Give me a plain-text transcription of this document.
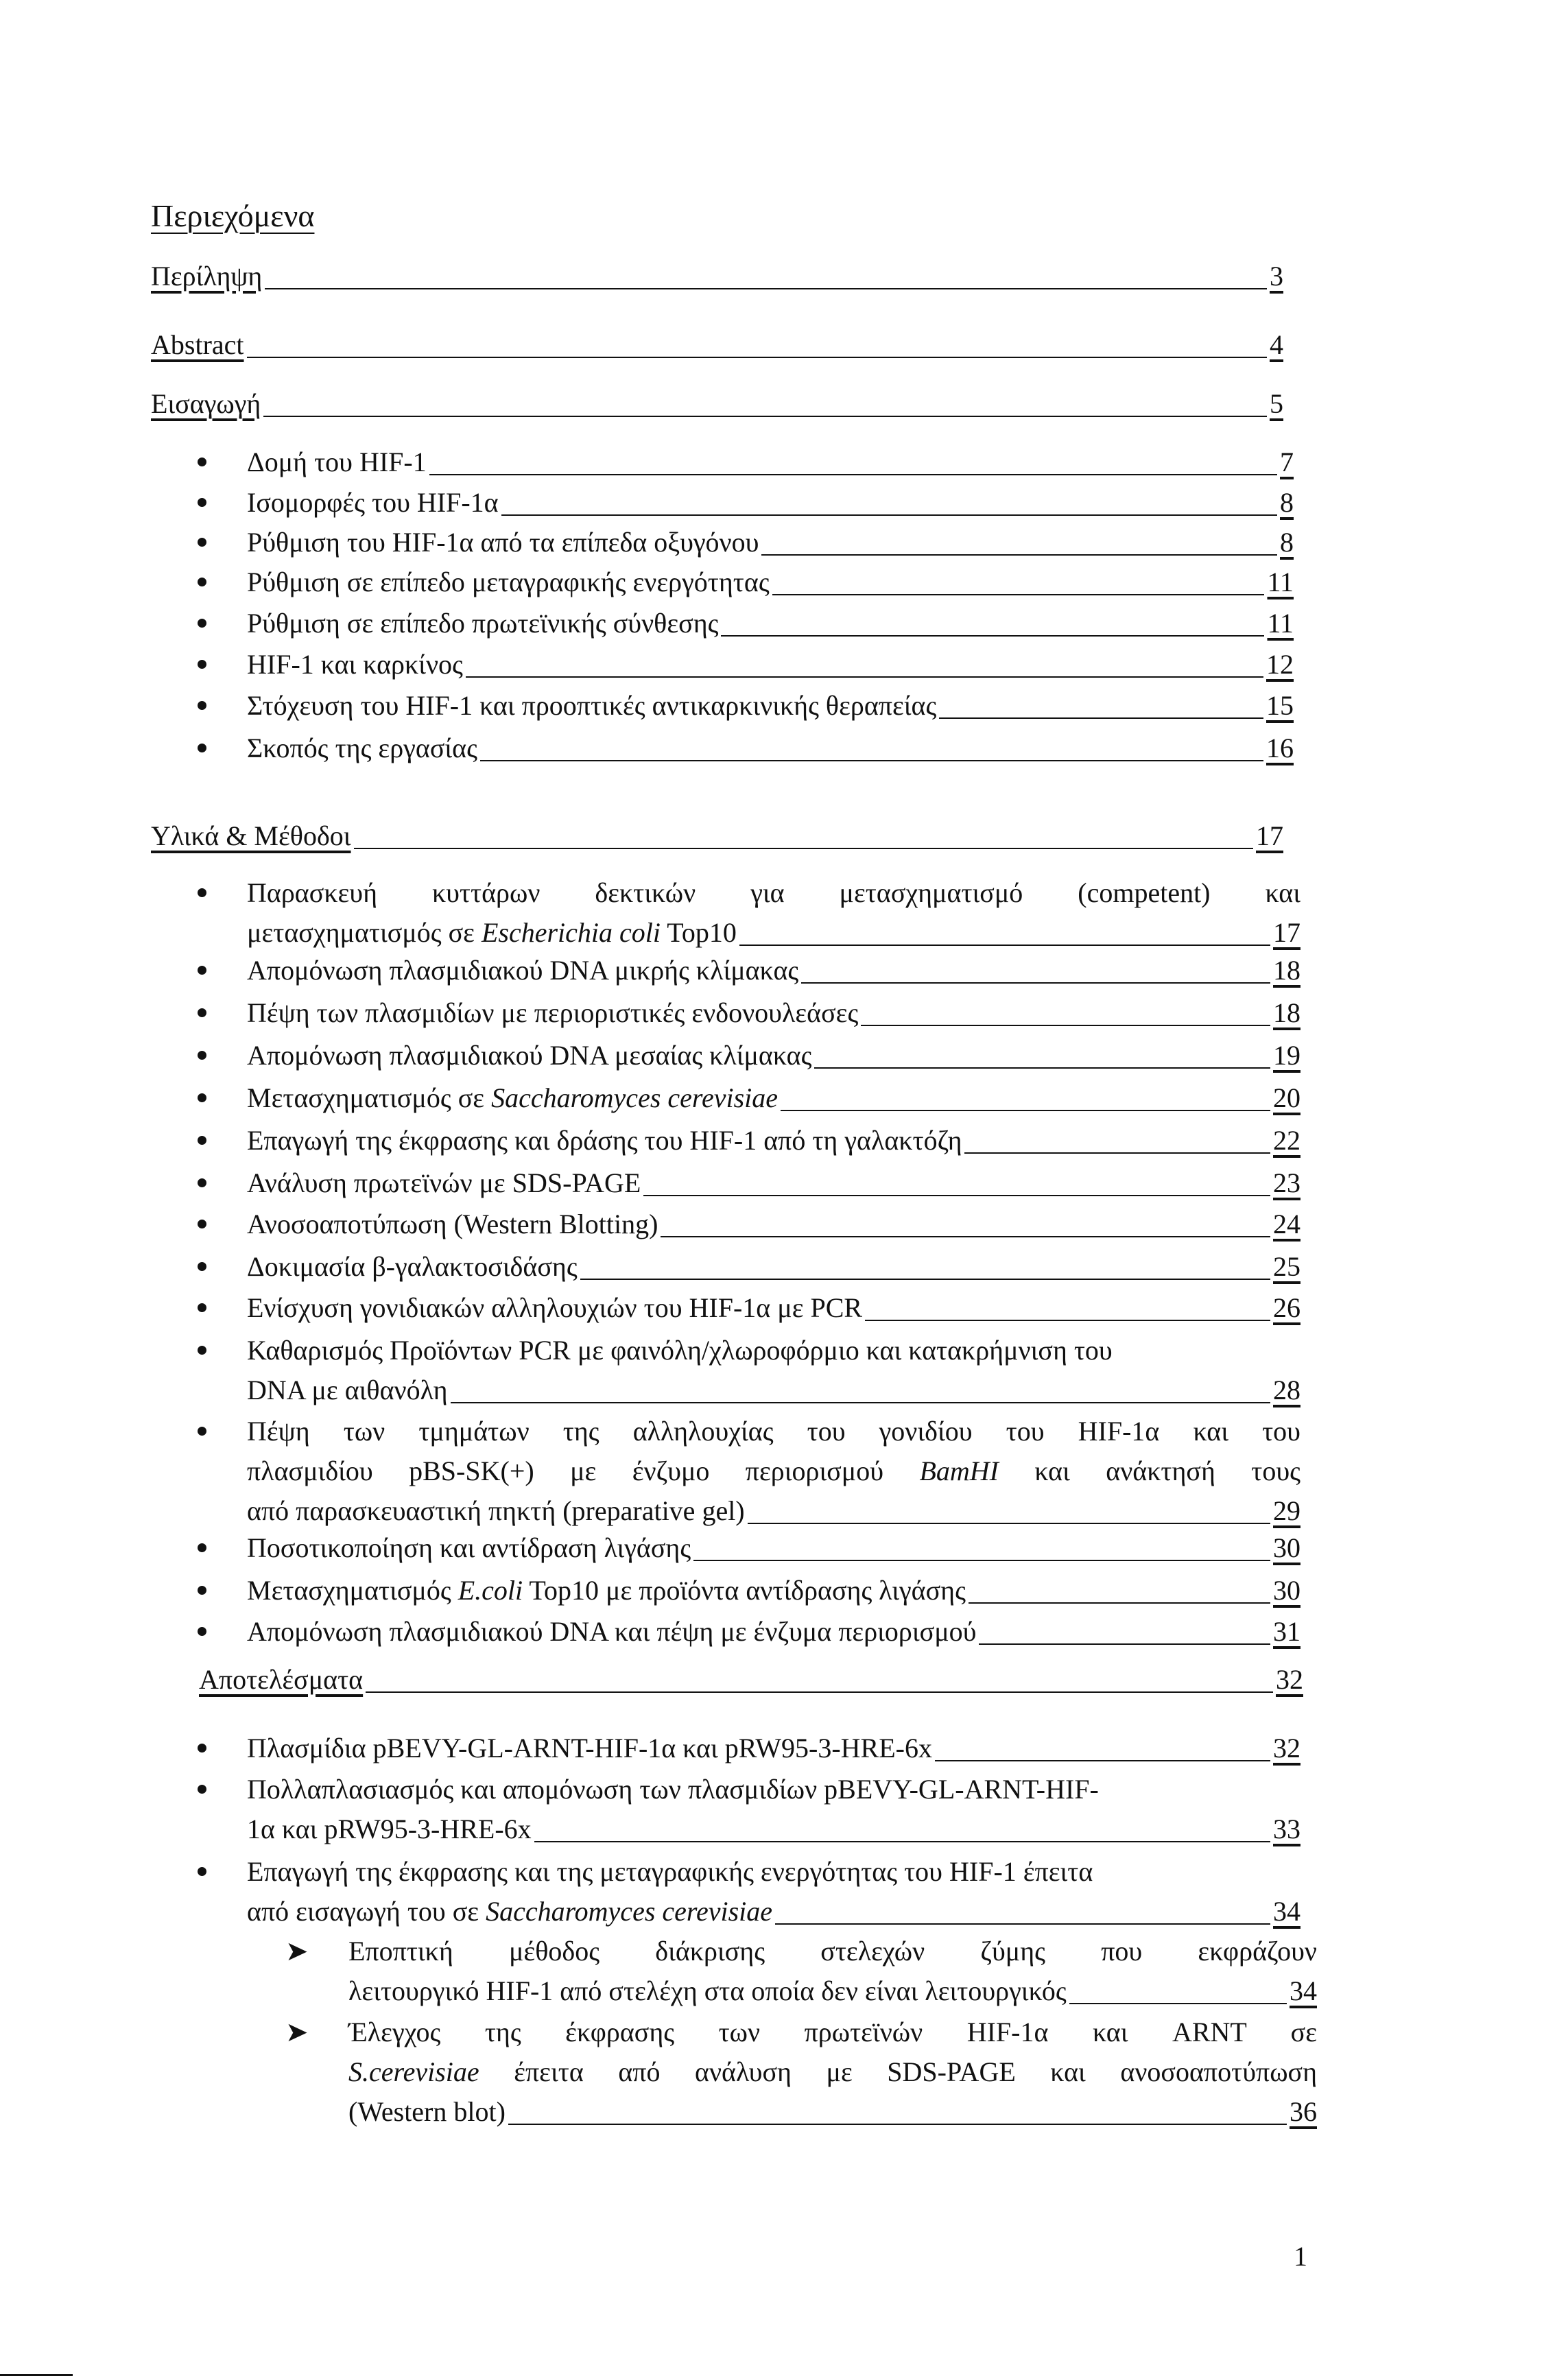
Περιεχόμενα
Περίληψη	3
Abstract	4
Εισαγωγή	5
Δομή του HIF-1	7
Ισομορφές του HIF-1α	8
Ρύθμιση του HIF-1α από τα επίπεδα οξυγόνου	8
Ρύθμιση σε επίπεδο μεταγραφικής ενεργότητας	11
Ρύθμιση σε επίπεδο πρωτεϊνικής σύνθεσης	11
HIF-1 και καρκίνος	12
Στόχευση του HIF-1 και προοπτικές αντικαρκινικής θεραπείας	15
Σκοπός της εργασίας	16
Υλικά & Μέθοδοι	17
Παρασκευή κυττάρων δεκτικών για μετασχηματισμό (competent) και
μετασχηματισμός σε Escherichia coli Top10	17
Απομόνωση πλασμιδιακού DNA μικρής κλίμακας	18
Πέψη των πλασμιδίων με περιοριστικές ενδονουλεάσες	18
Απομόνωση πλασμιδιακού DNA μεσαίας κλίμακας	19
Μετασχηματισμός σε Saccharomyces cerevisiae	20
Επαγωγή της έκφρασης και δράσης του HIF-1 από τη γαλακτόζη	22
Ανάλυση πρωτεϊνών με SDS-PAGE	23
Ανοσοαποτύπωση (Western Blotting)	24
Δοκιμασία β-γαλακτοσιδάσης	25
Ενίσχυση γονιδιακών αλληλουχιών του HIF-1α με PCR	26
Καθαρισμός Προϊόντων PCR με φαινόλη/χλωροφόρμιο και κατακρήμνιση του
DNA με αιθανόλη	28
Πέψη των τμημάτων της αλληλουχίας του γονιδίου του HIF-1α και του
πλασμιδίου pBS-SK(+) με ένζυμο περιορισμού BamHI και ανάκτησή τους
από παρασκευαστική πηκτή (preparative gel)	29
Ποσοτικοποίηση και αντίδραση λιγάσης	30
Μετασχηματισμός E.coli Top10 με προϊόντα αντίδρασης λιγάσης	30
Απομόνωση πλασμιδιακού DNA και πέψη με ένζυμα περιορισμού	31
Αποτελέσματα	32
Πλασμίδια pBEVY-GL-ARNT-HIF-1α και pRW95-3-HRE-6x	32
Πολλαπλασιασμός και απομόνωση των πλασμιδίων pBEVY-GL-ARNT-HIF-
1α και pRW95-3-HRE-6x	33
Επαγωγή της έκφρασης και της μεταγραφικής ενεργότητας του HIF-1 έπειτα
από εισαγωγή του σε Saccharomyces cerevisiae	34
➤ Εποπτική μέθοδος διάκρισης στελεχών ζύμης που εκφράζουν
λειτουργικό HIF-1 από στελέχη στα οποία δεν είναι λειτουργικός	34
➤ Έλεγχος της έκφρασης των πρωτεϊνών HIF-1α και ARNT σε
S.cerevisiae έπειτα από ανάλυση με SDS-PAGE και ανοσοαποτύπωση
(Western blot)	36
1
